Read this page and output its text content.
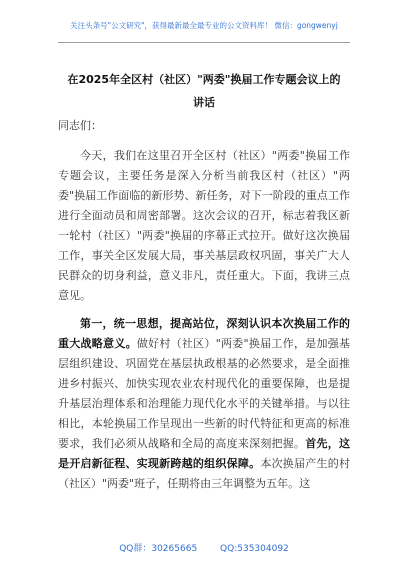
关注头条号"公文研究"，获得最新最全最专业的公文资料库！ 微信：gongwenyj
在2025年全区村（社区）"两委"换届工作专题会议上的
讲话

同志们：

今天，我们在这里召开全区村（社区）"两委"换届工作专题会议，主要任务是深入分析当前我区村（社区）"两委"换届工作面临的新形势、新任务，对下一阶段的重点工作进行全面动员和周密部署。这次会议的召开，标志着我区新一轮村（社区）"两委"换届的序幕正式拉开。做好这次换届工作，事关全区发展大局，事关基层政权巩固，事关广大人民群众的切身利益，意义非凡，责任重大。下面，我讲三点意见。

第一，统一思想，提高站位，深刻认识本次换届工作的重大战略意义。做好村（社区）"两委"换届工作，是加强基层组织建设、巩固党在基层执政根基的必然要求，是全面推进乡村振兴、加快实现农业农村现代化的重要保障，也是提升基层治理体系和治理能力现代化水平的关键举措。与以往相比，本轮换届工作呈现出一些新的时代特征和更高的标准要求，我们必须从战略和全局的高度来深刻把握。首先，这是开启新征程、实现新跨越的组织保障。本次换届产生的村（社区）"两委"班子，任期将由三年调整为五年。这

QQ群：30265665	QQ:535304092
